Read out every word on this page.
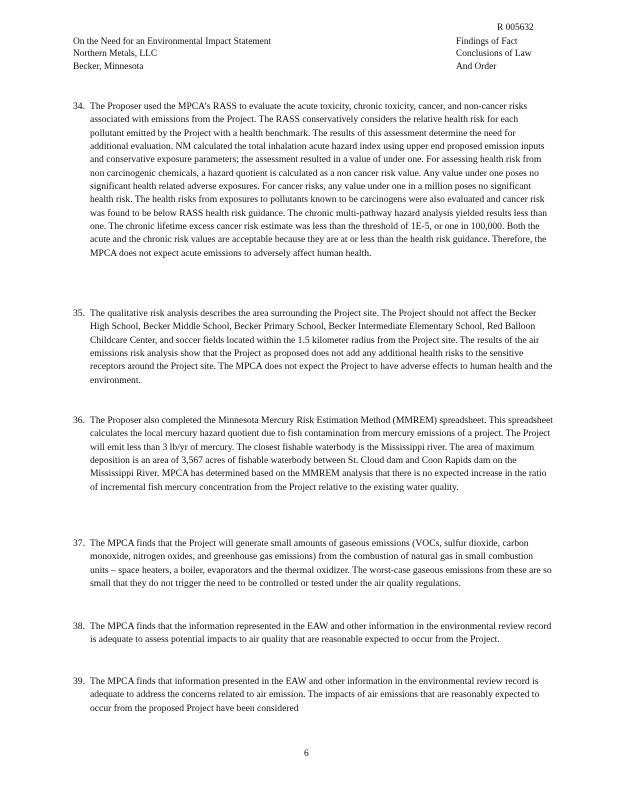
R 005632
On the Need for an Environmental Impact Statement
Northern Metals, LLC
Becker, Minnesota
Findings of Fact
Conclusions of Law
And Order
34. The Proposer used the MPCA’s RASS to evaluate the acute toxicity, chronic toxicity, cancer, and non-cancer risks associated with emissions from the Project. The RASS conservatively considers the relative health risk for each pollutant emitted by the Project with a health benchmark. The results of this assessment determine the need for additional evaluation. NM calculated the total inhalation acute hazard index using upper end proposed emission inputs and conservative exposure parameters; the assessment resulted in a value of under one. For assessing health risk from non carcinogenic chemicals, a hazard quotient is calculated as a non cancer risk value. Any value under one poses no significant health related adverse exposures. For cancer risks, any value under one in a million poses no significant health risk. The health risks from exposures to pollutants known to be carcinogens were also evaluated and cancer risk was found to be below RASS health risk guidance. The chronic multi-pathway hazard analysis yielded results less than one. The chronic lifetime excess cancer risk estimate was less than the threshold of 1E-5, or one in 100,000. Both the acute and the chronic risk values are acceptable because they are at or less than the health risk guidance. Therefore, the MPCA does not expect acute emissions to adversely affect human health.
35. The qualitative risk analysis describes the area surrounding the Project site. The Project should not affect the Becker High School, Becker Middle School, Becker Primary School, Becker Intermediate Elementary School, Red Balloon Childcare Center, and soccer fields located within the 1.5 kilometer radius from the Project site. The results of the air emissions risk analysis show that the Project as proposed does not add any additional health risks to the sensitive receptors around the Project site. The MPCA does not expect the Project to have adverse effects to human health and the environment.
36. The Proposer also completed the Minnesota Mercury Risk Estimation Method (MMREM) spreadsheet. This spreadsheet calculates the local mercury hazard quotient due to fish contamination from mercury emissions of a project. The Project will emit less than 3 lb/yr of mercury. The closest fishable waterbody is the Mississippi river. The area of maximum deposition is an area of 3,567 acres of fishable waterbody between St. Cloud dam and Coon Rapids dam on the Mississippi River. MPCA has determined based on the MMREM analysis that there is no expected increase in the ratio of incremental fish mercury concentration from the Project relative to the existing water quality.
37. The MPCA finds that the Project will generate small amounts of gaseous emissions (VOCs, sulfur dioxide, carbon monoxide, nitrogen oxides, and greenhouse gas emissions) from the combustion of natural gas in small combustion units – space heaters, a boiler, evaporators and the thermal oxidizer. The worst-case gaseous emissions from these are so small that they do not trigger the need to be controlled or tested under the air quality regulations.
38. The MPCA finds that the information represented in the EAW and other information in the environmental review record is adequate to assess potential impacts to air quality that are reasonable expected to occur from the Project.
39. The MPCA finds that information presented in the EAW and other information in the environmental review record is adequate to address the concerns related to air emission. The impacts of air emissions that are reasonably expected to occur from the proposed Project have been considered
6
